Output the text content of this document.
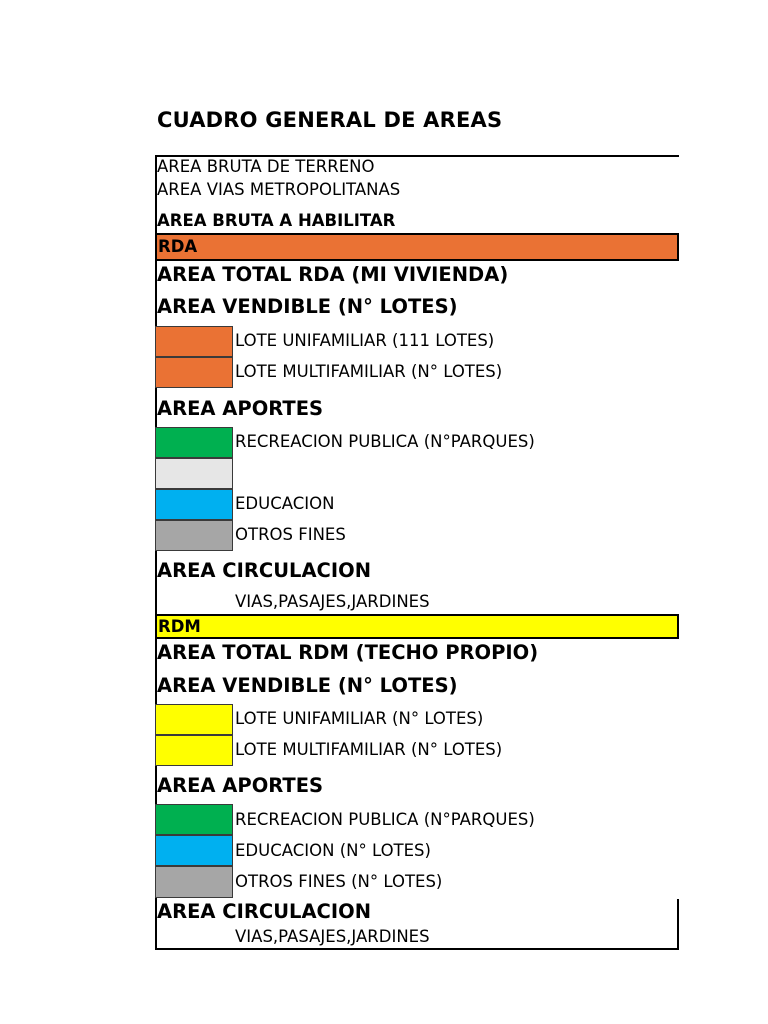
CUADRO GENERAL DE AREAS
AREA BRUTA DE TERRENO
AREA VIAS METROPOLITANAS
AREA BRUTA A HABILITAR
RDA
AREA TOTAL RDA (MI VIVIENDA)
AREA VENDIBLE (N° LOTES)
LOTE UNIFAMILIAR (111 LOTES)
LOTE MULTIFAMILIAR (N° LOTES)
AREA APORTES
RECREACION PUBLICA (N°PARQUES)
EDUCACION
OTROS FINES
AREA CIRCULACION
VIAS,PASAJES,JARDINES
RDM
AREA TOTAL RDM (TECHO PROPIO)
AREA VENDIBLE (N° LOTES)
LOTE UNIFAMILIAR (N° LOTES)
LOTE MULTIFAMILIAR (N° LOTES)
AREA APORTES
RECREACION PUBLICA (N°PARQUES)
EDUCACION (N° LOTES)
OTROS FINES (N° LOTES)
AREA CIRCULACION
VIAS,PASAJES,JARDINES
